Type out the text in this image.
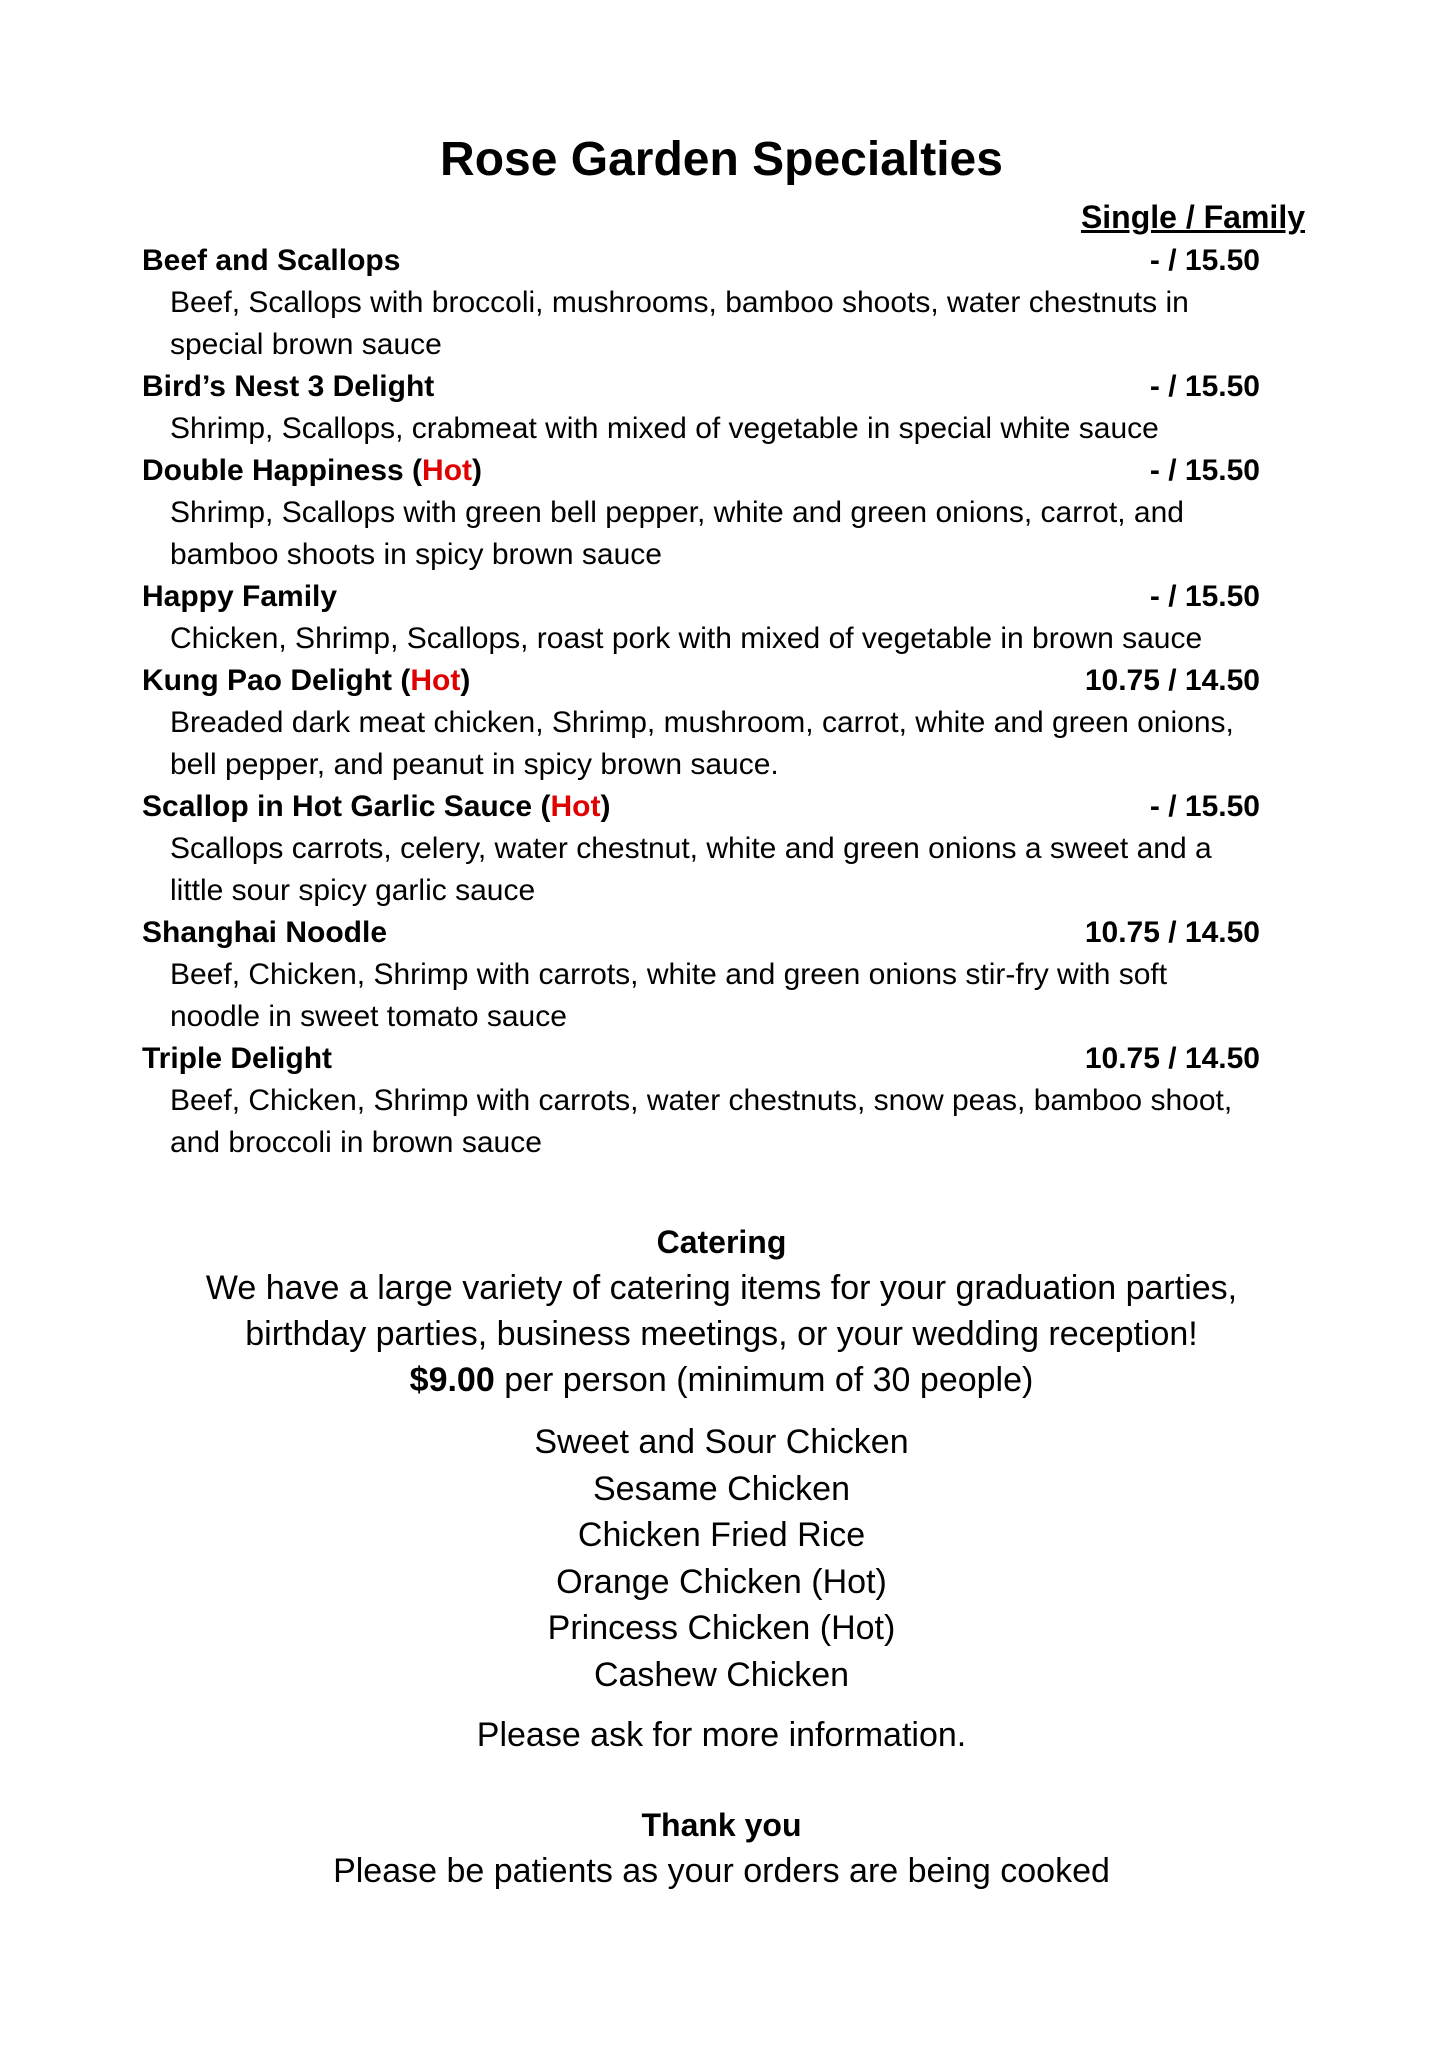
Rose Garden Specialties
Single / Family
Beef and Scallops	- / 15.50
Beef, Scallops with broccoli, mushrooms, bamboo shoots, water chestnuts in
special brown sauce
Bird’s Nest 3 Delight	- / 15.50
Shrimp, Scallops, crabmeat with mixed of vegetable in special white sauce
Double Happiness (Hot)	- / 15.50
Shrimp, Scallops with green bell pepper, white and green onions, carrot, and
bamboo shoots in spicy brown sauce
Happy Family	- / 15.50
Chicken, Shrimp, Scallops, roast pork with mixed of vegetable in brown sauce
Kung Pao Delight (Hot)	10.75 / 14.50
Breaded dark meat chicken, Shrimp, mushroom, carrot, white and green onions,
bell pepper, and peanut in spicy brown sauce.
Scallop in Hot Garlic Sauce (Hot)	- / 15.50
Scallops carrots, celery, water chestnut, white and green onions a sweet and a
little sour spicy garlic sauce
Shanghai Noodle	10.75 / 14.50
Beef, Chicken, Shrimp with carrots, white and green onions stir-fry with soft
noodle in sweet tomato sauce
Triple Delight	10.75 / 14.50
Beef, Chicken, Shrimp with carrots, water chestnuts, snow peas, bamboo shoot,
and broccoli in brown sauce
Catering
We have a large variety of catering items for your graduation parties,
birthday parties, business meetings, or your wedding reception!
$9.00 per person (minimum of 30 people)
Sweet and Sour Chicken
Sesame Chicken
Chicken Fried Rice
Orange Chicken (Hot)
Princess Chicken (Hot)
Cashew Chicken
Please ask for more information.
Thank you
Please be patients as your orders are being cooked
